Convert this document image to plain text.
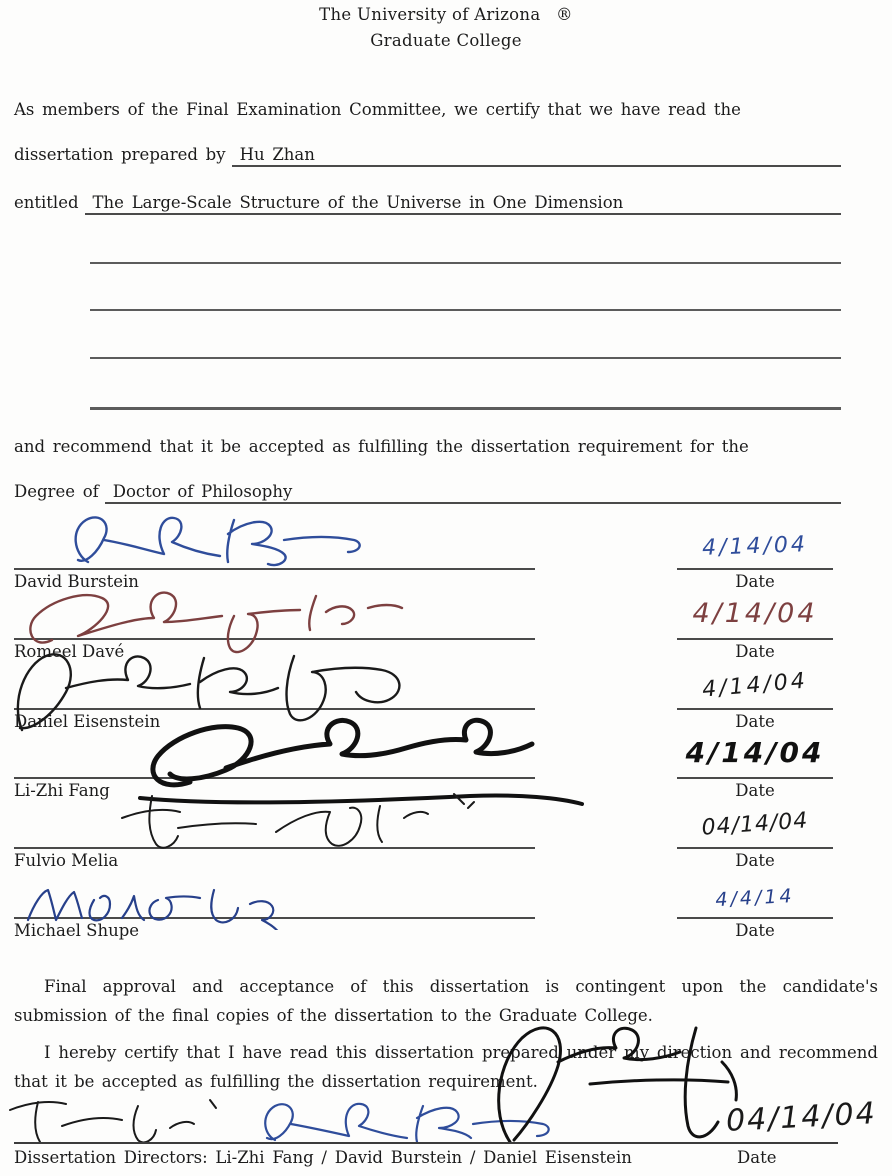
The University of Arizona ®
Graduate College
As members of the Final Examination Committee, we certify that we have read the
dissertation prepared by Hu Zhan
entitled The Large-Scale Structure of the Universe in One Dimension
and recommend that it be accepted as fulfilling the dissertation requirement for the
Degree of Doctor of Philosophy
David Burstein
4/14/04
Date
Romeel Davé
4/14/04
Date
Daniel Eisenstein
4/14/04
Date
Li-Zhi Fang
4/14/04
Date
Fulvio Melia
04/14/04
Date
Michael Shupe
4/4/14
Date
Final approval and acceptance of this dissertation is contingent upon the candidate's submission of the final copies of the dissertation to the Graduate College.
I hereby certify that I have read this dissertation prepared under my direction and recommend that it be accepted as fulfilling the dissertation requirement.
04/14/04
Dissertation Directors: Li-Zhi Fang / David Burstein / Daniel Eisenstein	Date
